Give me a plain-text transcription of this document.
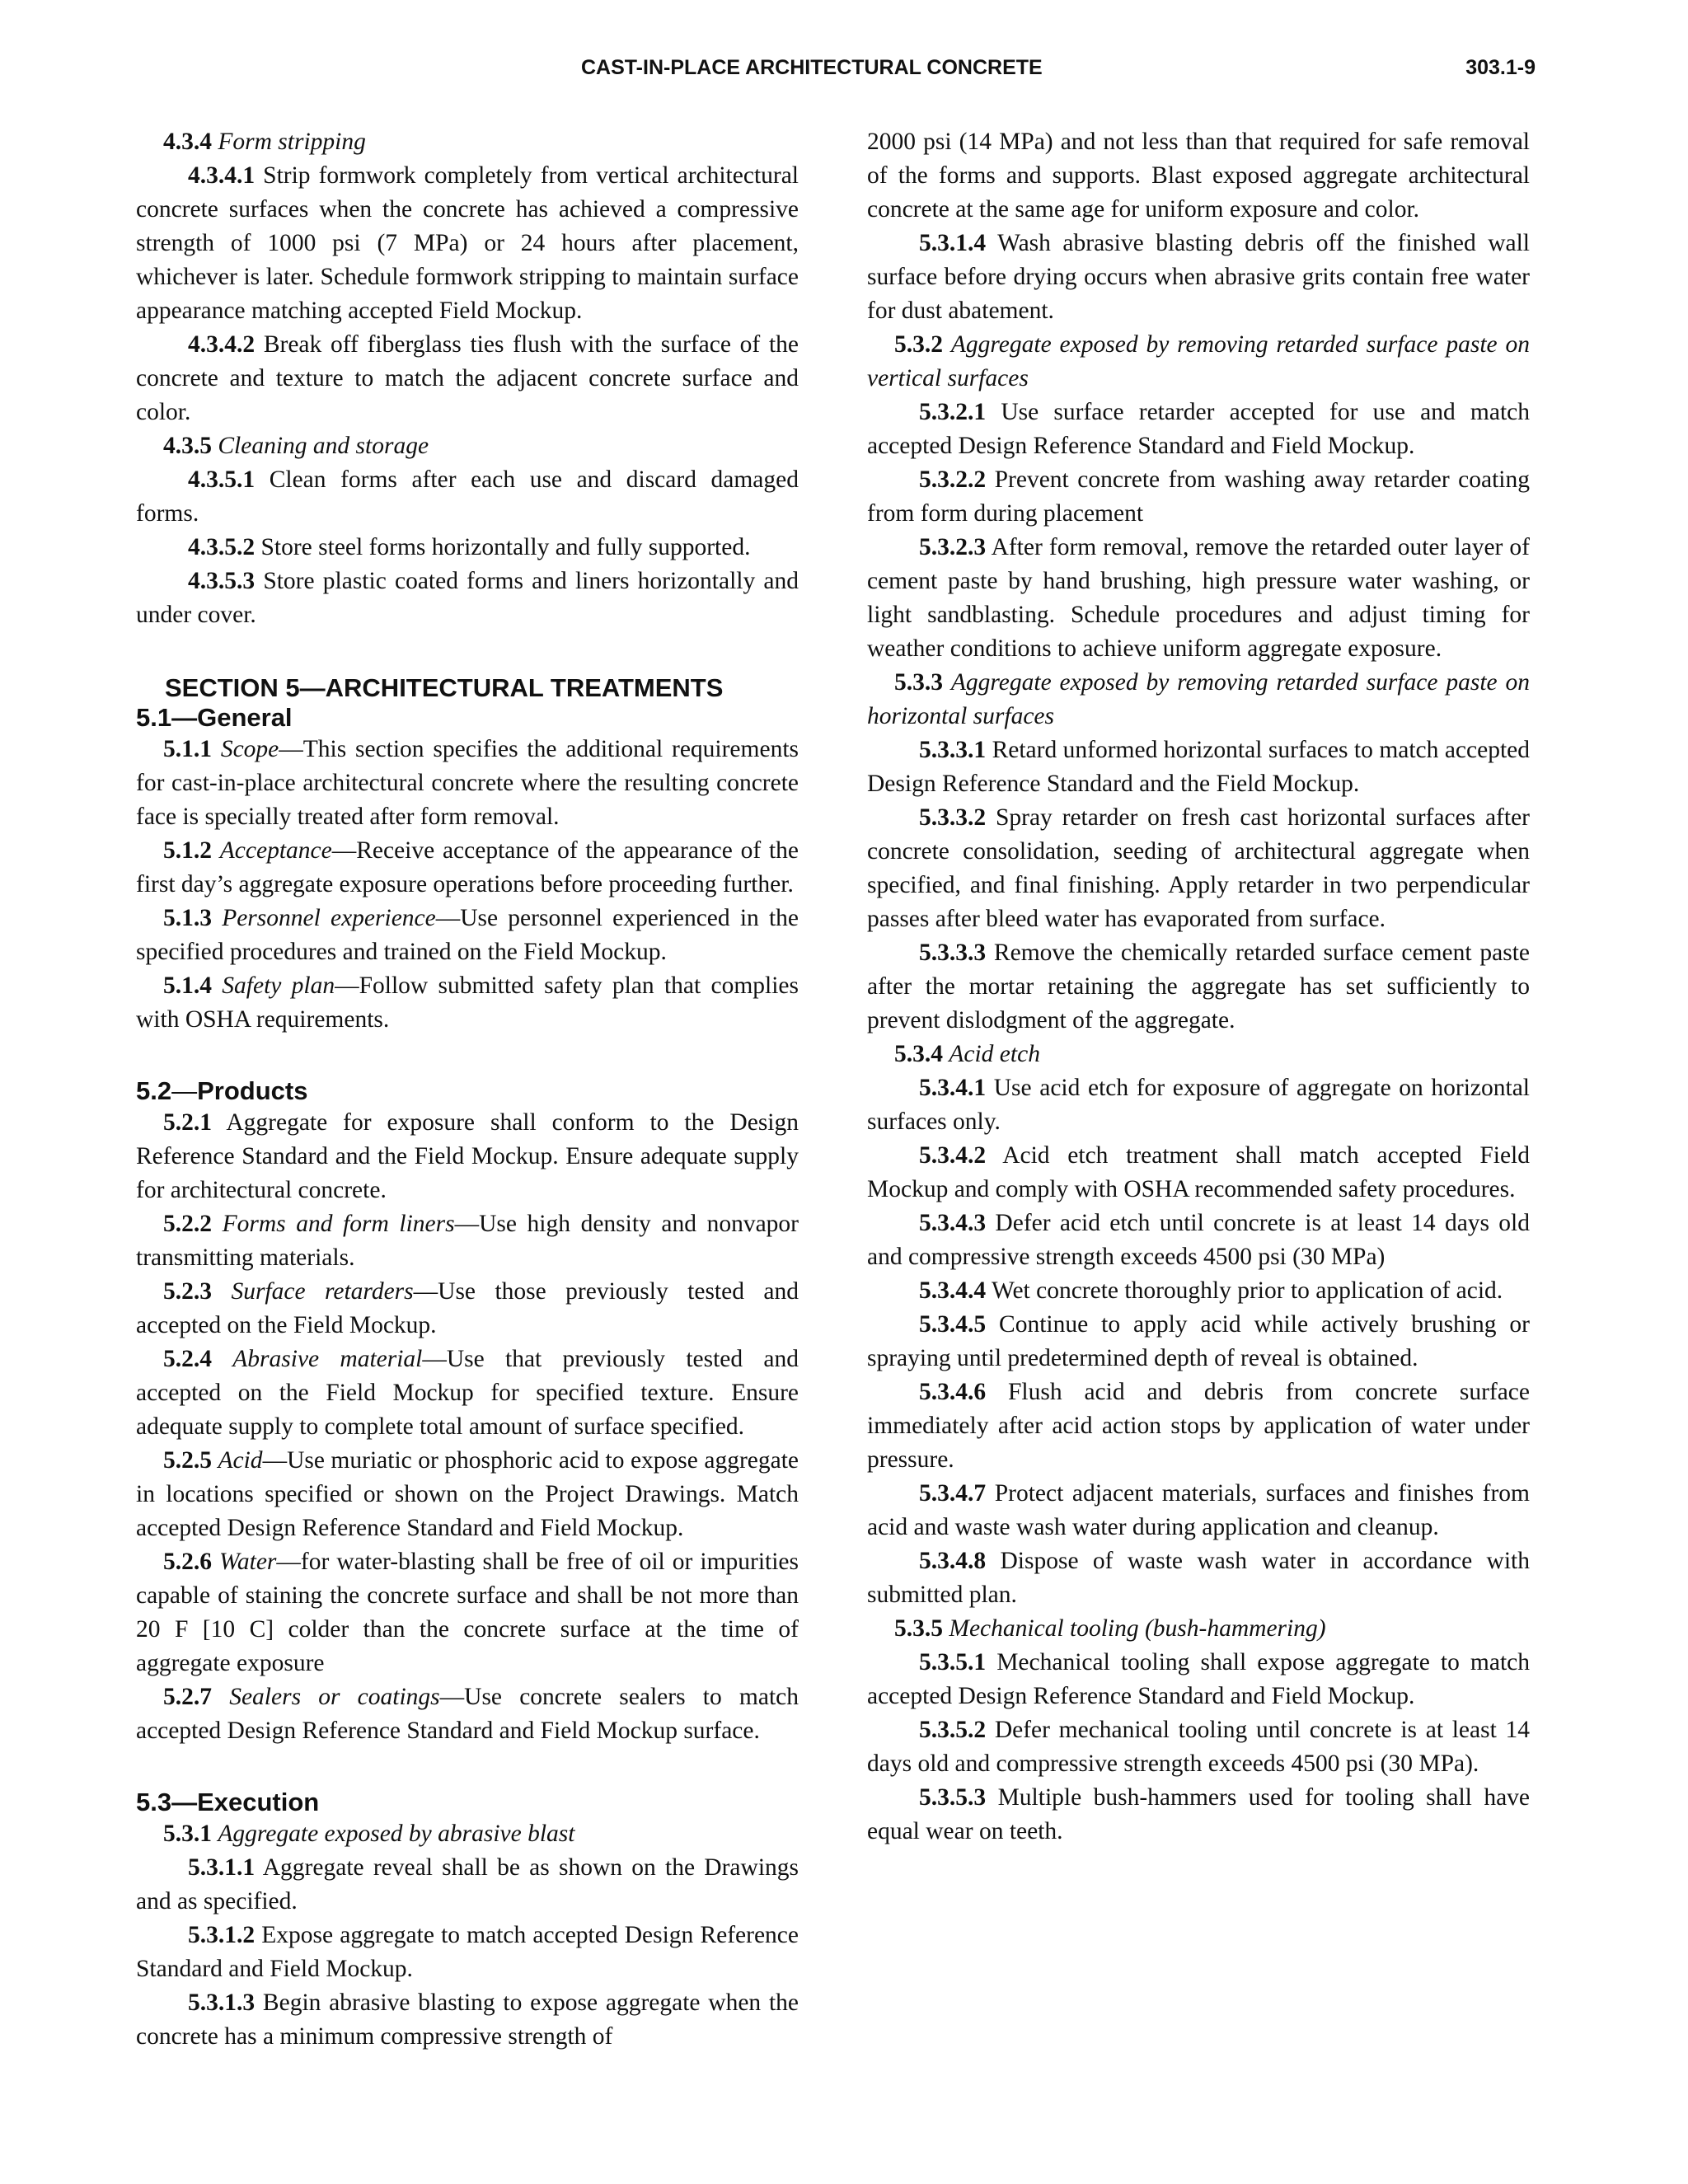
CAST-IN-PLACE ARCHITECTURAL CONCRETE	303.1-9

4.3.4 Form stripping

4.3.4.1 Strip formwork completely from vertical architectural concrete surfaces when the concrete has achieved a compressive strength of 1000 psi (7 MPa) or 24 hours after placement, whichever is later. Schedule formwork stripping to maintain surface appearance matching accepted Field Mockup.

4.3.4.2 Break off fiberglass ties flush with the surface of the concrete and texture to match the adjacent concrete surface and color.

4.3.5 Cleaning and storage

4.3.5.1 Clean forms after each use and discard damaged forms.

4.3.5.2 Store steel forms horizontally and fully supported.

4.3.5.3 Store plastic coated forms and liners horizontally and under cover.

SECTION 5—ARCHITECTURAL TREATMENTS
5.1—General

5.1.1 Scope—This section specifies the additional requirements for cast-in-place architectural concrete where the resulting concrete face is specially treated after form removal.

5.1.2 Acceptance—Receive acceptance of the appearance of the first day’s aggregate exposure operations before proceeding further.

5.1.3 Personnel experience—Use personnel experienced in the specified procedures and trained on the Field Mockup.

5.1.4 Safety plan—Follow submitted safety plan that complies with OSHA requirements.

5.2—Products

5.2.1 Aggregate for exposure shall conform to the Design Reference Standard and the Field Mockup. Ensure adequate supply for architectural concrete.

5.2.2 Forms and form liners—Use high density and nonvapor transmitting materials.

5.2.3 Surface retarders—Use those previously tested and accepted on the Field Mockup.

5.2.4 Abrasive material—Use that previously tested and accepted on the Field Mockup for specified texture. Ensure adequate supply to complete total amount of surface specified.

5.2.5 Acid—Use muriatic or phosphoric acid to expose aggregate in locations specified or shown on the Project Drawings. Match accepted Design Reference Standard and Field Mockup.

5.2.6 Water—for water-blasting shall be free of oil or impurities capable of staining the concrete surface and shall be not more than 20 F [10 C] colder than the concrete surface at the time of aggregate exposure

5.2.7 Sealers or coatings—Use concrete sealers to match accepted Design Reference Standard and Field Mockup surface.

5.3—Execution

5.3.1 Aggregate exposed by abrasive blast

5.3.1.1 Aggregate reveal shall be as shown on the Drawings and as specified.

5.3.1.2 Expose aggregate to match accepted Design Reference Standard and Field Mockup.

5.3.1.3 Begin abrasive blasting to expose aggregate when the concrete has a minimum compressive strength of

2000 psi (14 MPa) and not less than that required for safe removal of the forms and supports. Blast exposed aggregate architectural concrete at the same age for uniform exposure and color.

5.3.1.4 Wash abrasive blasting debris off the finished wall surface before drying occurs when abrasive grits contain free water for dust abatement.

5.3.2 Aggregate exposed by removing retarded surface paste on vertical surfaces

5.3.2.1 Use surface retarder accepted for use and match accepted Design Reference Standard and Field Mockup.

5.3.2.2 Prevent concrete from washing away retarder coating from form during placement

5.3.2.3 After form removal, remove the retarded outer layer of cement paste by hand brushing, high pressure water washing, or light sandblasting. Schedule procedures and adjust timing for weather conditions to achieve uniform aggregate exposure.

5.3.3 Aggregate exposed by removing retarded surface paste on horizontal surfaces

5.3.3.1 Retard unformed horizontal surfaces to match accepted Design Reference Standard and the Field Mockup.

5.3.3.2 Spray retarder on fresh cast horizontal surfaces after concrete consolidation, seeding of architectural aggregate when specified, and final finishing. Apply retarder in two perpendicular passes after bleed water has evaporated from surface.

5.3.3.3 Remove the chemically retarded surface cement paste after the mortar retaining the aggregate has set sufficiently to prevent dislodgment of the aggregate.

5.3.4 Acid etch

5.3.4.1 Use acid etch for exposure of aggregate on horizontal surfaces only.

5.3.4.2 Acid etch treatment shall match accepted Field Mockup and comply with OSHA recommended safety procedures.

5.3.4.3 Defer acid etch until concrete is at least 14 days old and compressive strength exceeds 4500 psi (30 MPa)

5.3.4.4 Wet concrete thoroughly prior to application of acid.

5.3.4.5 Continue to apply acid while actively brushing or spraying until predetermined depth of reveal is obtained.

5.3.4.6 Flush acid and debris from concrete surface immediately after acid action stops by application of water under pressure.

5.3.4.7 Protect adjacent materials, surfaces and finishes from acid and waste wash water during application and cleanup.

5.3.4.8 Dispose of waste wash water in accordance with submitted plan.

5.3.5 Mechanical tooling (bush-hammering)

5.3.5.1 Mechanical tooling shall expose aggregate to match accepted Design Reference Standard and Field Mockup.

5.3.5.2 Defer mechanical tooling until concrete is at least 14 days old and compressive strength exceeds 4500 psi (30 MPa).

5.3.5.3 Multiple bush-hammers used for tooling shall have equal wear on teeth.
